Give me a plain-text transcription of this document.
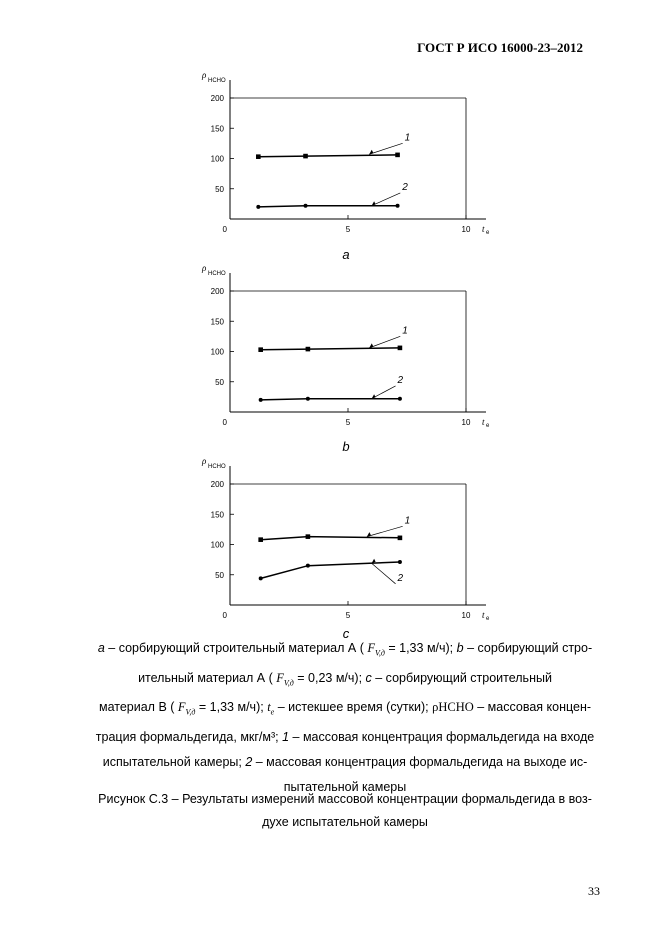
ГОСТ Р ИСО 16000-23–2012
ρ
HCHO
50
100
150
200
0	5	10 t e
1
2
a
ρ
HCHO
50
100
150
200
0	5	10 t e
1
2
b
ρ
HCHO
50
100
150
200
0	5	10 t e
1
2
c
a – сорбирующий строительный материал А ( $F_{V,д} = 1,33$ м/ч); b – сорбирующий стро-
ительный материал А ( $F_{V,д} = 0,23$ м/ч); c – сорбирующий строительный
материал В ( $F_{V,д} = 1,33$ м/ч); $t_e$ – истекшее время (сутки); ρHCHO – массовая концен-
трация формальдегида, мкг/м³; 1 – массовая концентрация формальдегида на входе
испытательной камеры; 2 – массовая концентрация формальдегида на выходе ис-
пытательной камеры
Рисунок С.3 – Результаты измерений массовой концентрации формальдегида в воз-
духе испытательной камеры
33
